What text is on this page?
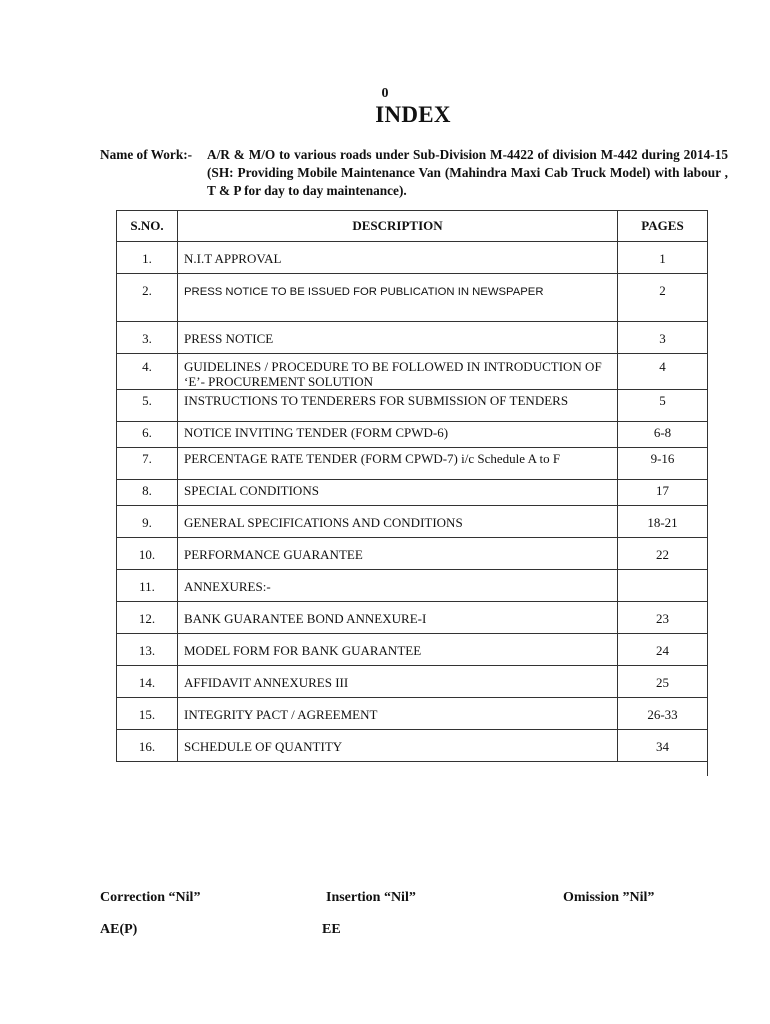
0
INDEX
Name of Work:- A/R & M/O to various roads under Sub-Division M-4422 of division M-442 during 2014-15 (SH: Providing Mobile Maintenance Van (Mahindra Maxi Cab Truck Model) with labour , T & P for day to day maintenance).
S.NO.	DESCRIPTION	PAGES
1.	N.I.T APPROVAL	1
2.	PRESS NOTICE TO BE ISSUED FOR PUBLICATION IN NEWSPAPER	2
3.	PRESS NOTICE	3
4.	GUIDELINES / PROCEDURE TO BE FOLLOWED IN INTRODUCTION OF ‘E’- PROCUREMENT SOLUTION	4
5.	INSTRUCTIONS TO TENDERERS FOR SUBMISSION OF TENDERS	5
6.	NOTICE INVITING TENDER (FORM CPWD-6)	6-8
7.	PERCENTAGE RATE TENDER (FORM CPWD-7) i/c Schedule A to F	9-16
8.	SPECIAL CONDITIONS	17
9.	GENERAL SPECIFICATIONS AND CONDITIONS	18-21
10.	PERFORMANCE GUARANTEE	22
11.	ANNEXURES:-	
12.	BANK GUARANTEE BOND ANNEXURE-I	23
13.	MODEL FORM FOR BANK GUARANTEE	24
14.	AFFIDAVIT ANNEXURES III	25
15.	INTEGRITY PACT / AGREEMENT	26-33
16.	SCHEDULE OF QUANTITY	34
Correction “Nil”	Insertion “Nil”	Omission ”Nil”
AE(P)	EE
